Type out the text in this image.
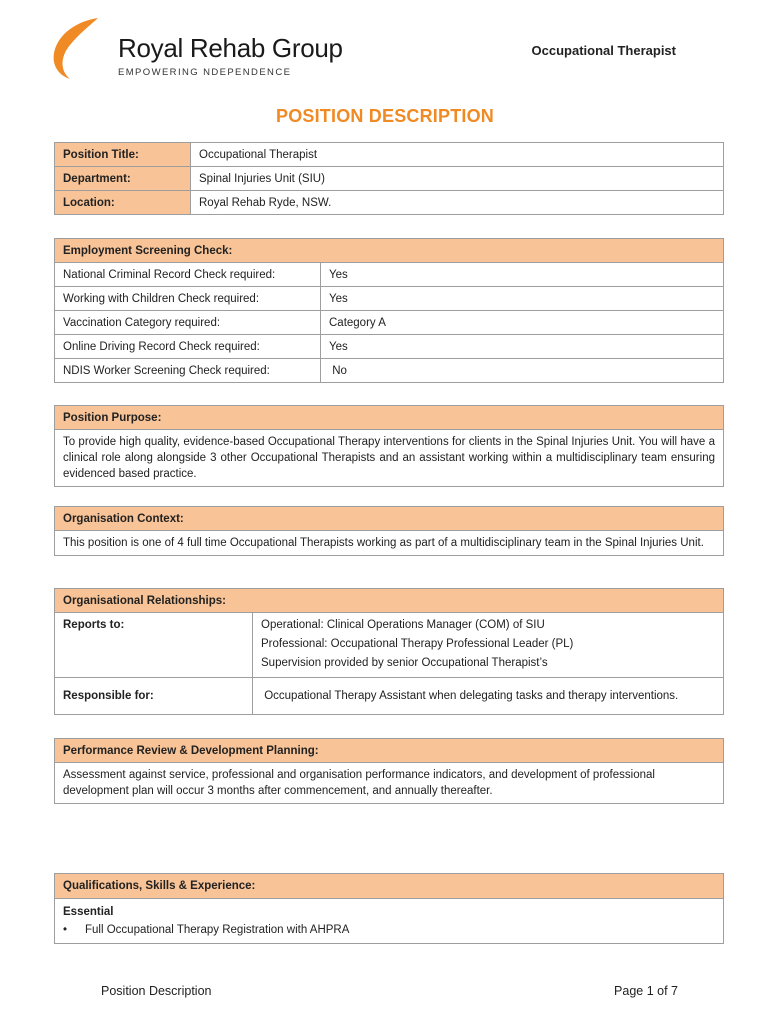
Royal Rehab Group
EMPOWERING NDEPENDENCE
Occupational Therapist
POSITION DESCRIPTION
Position Title:	Occupational Therapist
Department:	Spinal Injuries Unit (SIU)
Location:	Royal Rehab Ryde, NSW.
Employment Screening Check:	
National Criminal Record Check required:	Yes
Working with Children Check required:	Yes
Vaccination Category required:	Category A
Online Driving Record Check required:	Yes
NDIS Worker Screening Check required:	No
Position Purpose:
To provide high quality, evidence-based Occupational Therapy interventions for clients in the Spinal Injuries Unit. You will have a clinical role along alongside 3 other Occupational Therapists and an assistant working within a multidisciplinary team ensuring evidenced based practice.
Organisation Context:
This position is one of 4 full time Occupational Therapists working as part of a multidisciplinary team in the Spinal Injuries Unit.
Organisational Relationships:	
Reports to:	Operational: Clinical Operations Manager (COM) of SIU
Professional: Occupational Therapy Professional Leader (PL)
Supervision provided by senior Occupational Therapist’s

Responsible for:	Occupational Therapy Assistant when delegating tasks and therapy interventions.
Performance Review & Development Planning:
Assessment against service, professional and organisation performance indicators, and development of professional development plan will occur 3 months after commencement, and annually thereafter.
Qualifications, Skills & Experience:

Essential
•	Full Occupational Therapy Registration with AHPRA
Position Description	Page 1 of 7
